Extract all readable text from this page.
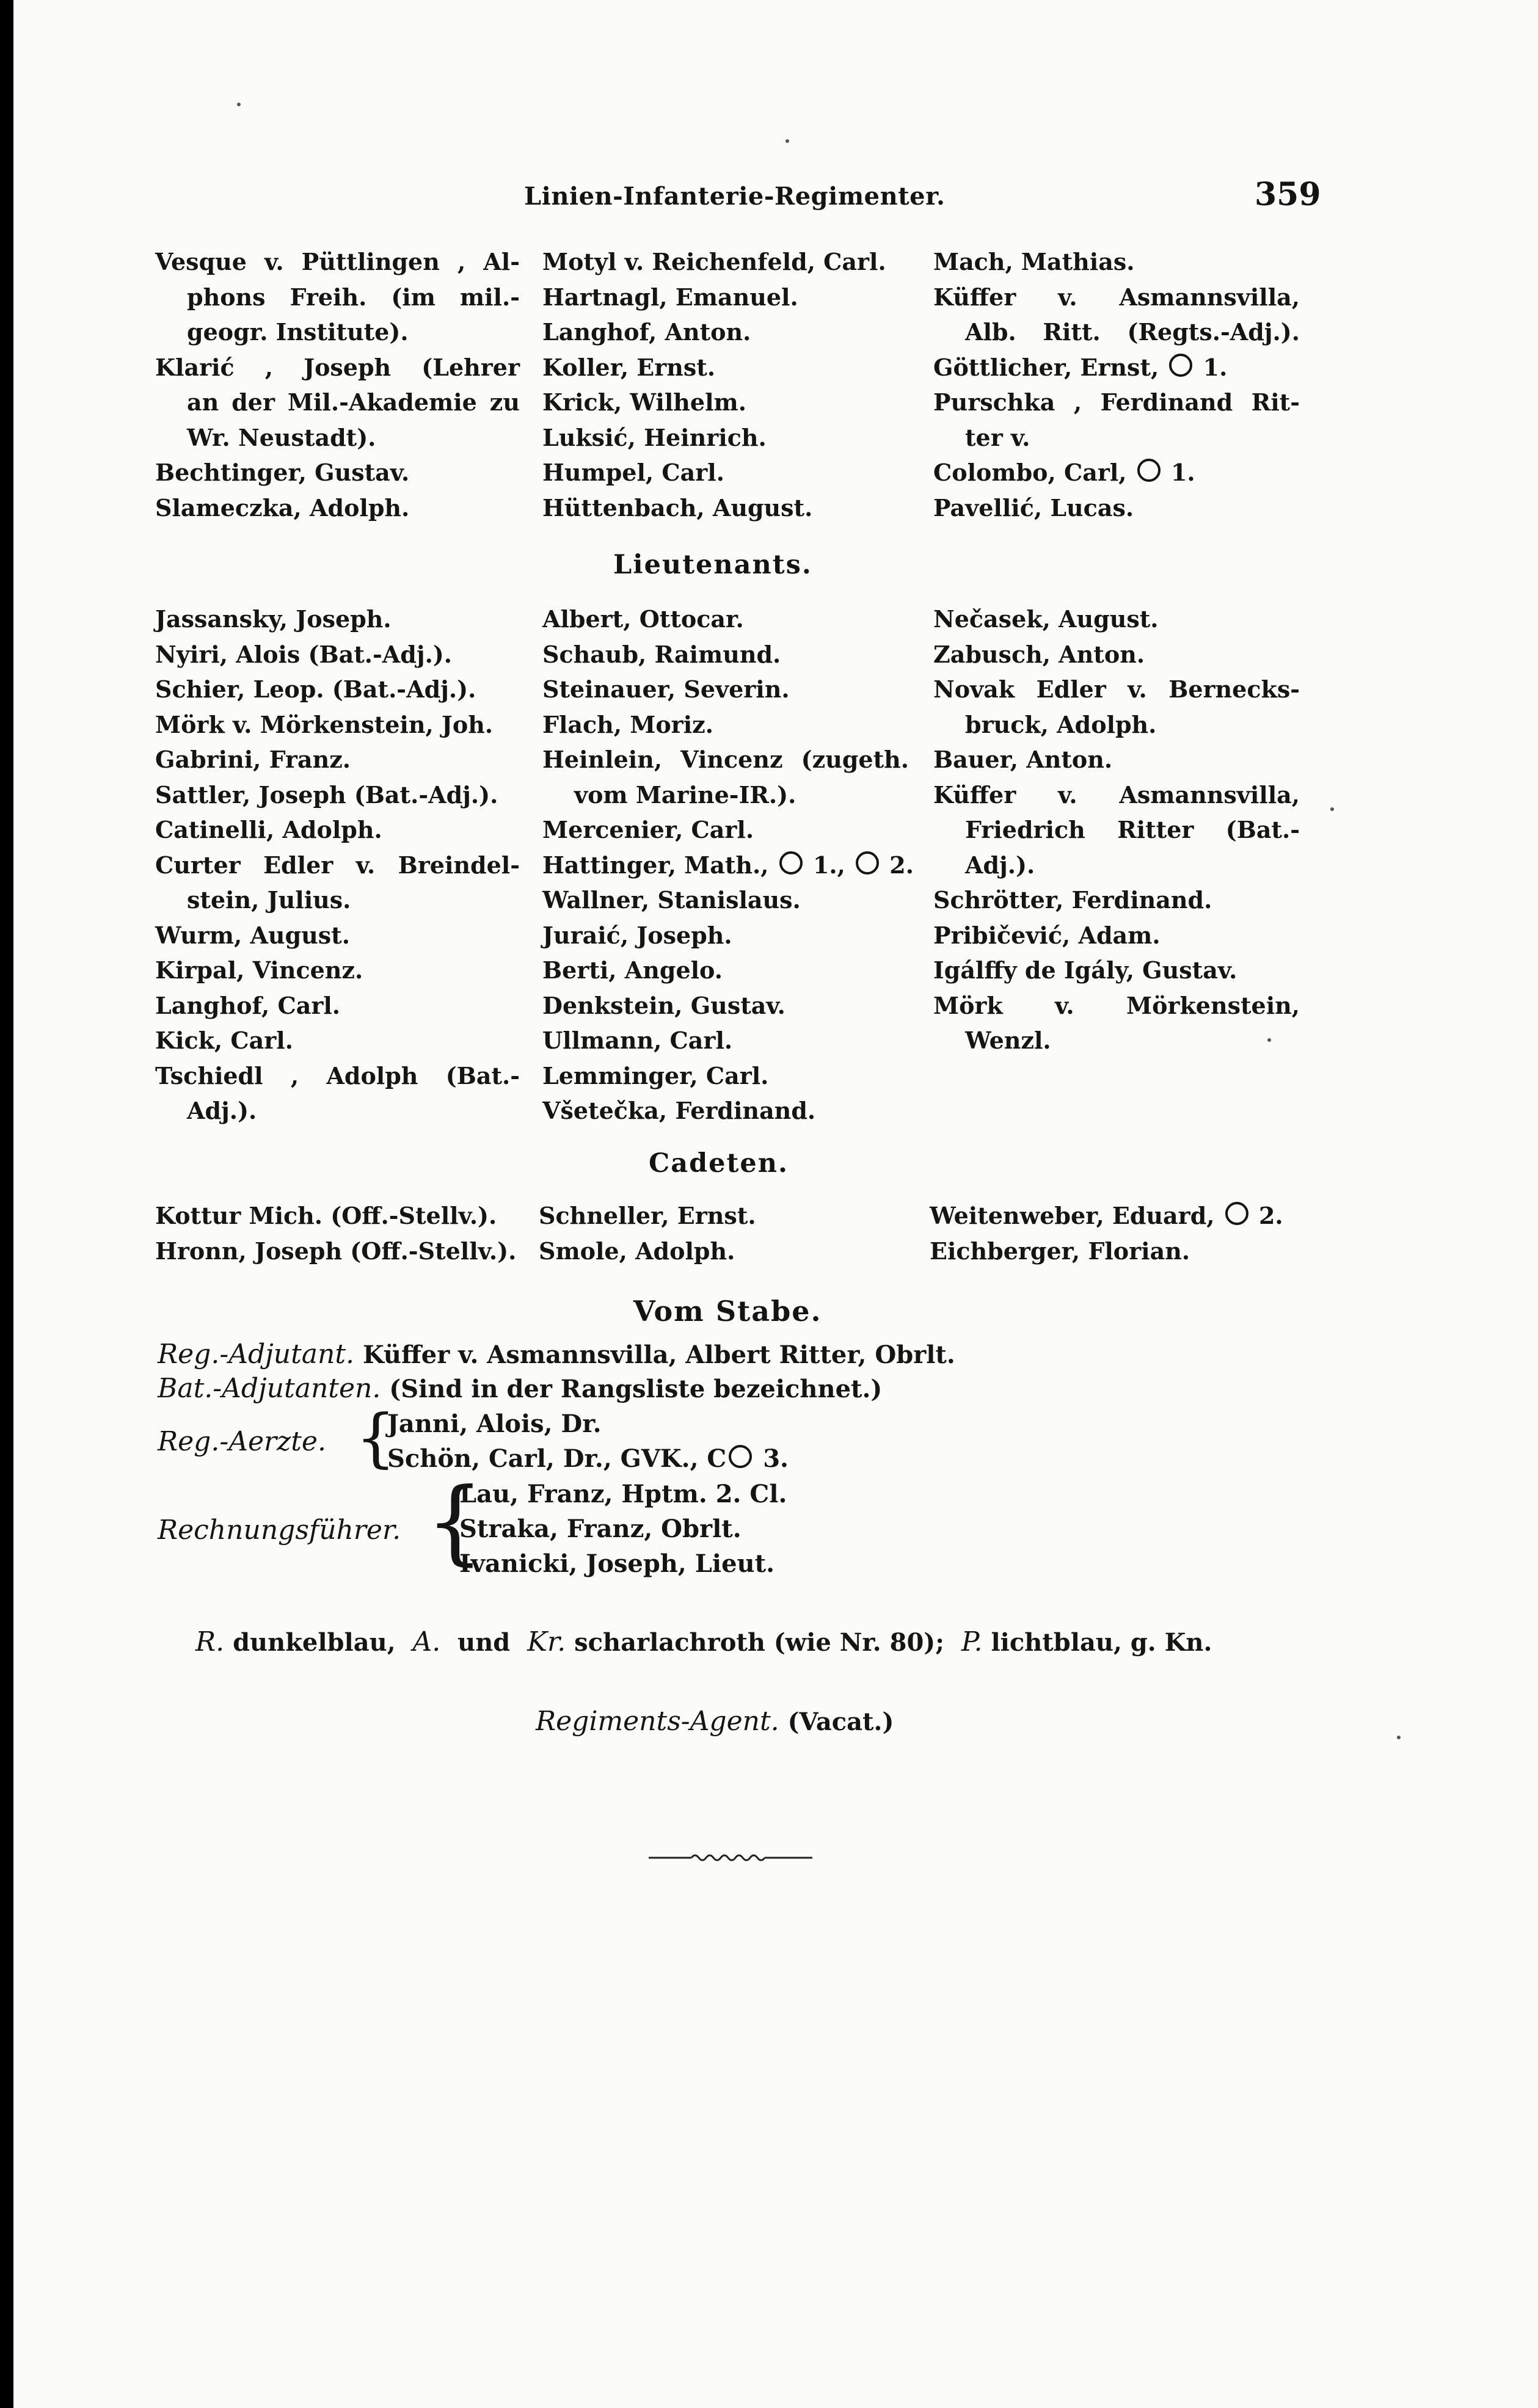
Linien-Infanterie-Regimenter.	359
Vesque v. Püttlingen , Al-
phons Freih. (im mil.-
geogr. Institute).
Klarić , Joseph (Lehrer
an der Mil.-Akademie zu
Wr. Neustadt).
Bechtinger, Gustav.
Slameczka, Adolph.
Motyl v. Reichenfeld, Carl.
Hartnagl, Emanuel.
Langhof, Anton.
Koller, Ernst.
Krick, Wilhelm.
Luksić, Heinrich.
Humpel, Carl.
Hüttenbach, August.
Mach, Mathias.
Küffer v. Asmannsvilla,
Alb. Ritt. (Regts.-Adj.).
Göttlicher, Ernst,  1.
Purschka , Ferdinand Rit-
ter v.
Colombo, Carl,  1.
Pavellić, Lucas.
Lieutenants.
Jassansky, Joseph.
Nyiri, Alois (Bat.-Adj.).
Schier, Leop. (Bat.-Adj.).
Mörk v. Mörkenstein, Joh.
Gabrini, Franz.
Sattler, Joseph (Bat.-Adj.).
Catinelli, Adolph.
Curter Edler v. Breindel-
stein, Julius.
Wurm, August.
Kirpal, Vincenz.
Langhof, Carl.
Kick, Carl.
Tschiedl , Adolph (Bat.-
Adj.).
Albert, Ottocar.
Schaub, Raimund.
Steinauer, Severin.
Flach, Moriz.
Heinlein, Vincenz (zugeth.
vom Marine-IR.).
Mercenier, Carl.
Hattinger, Math.,  1.,  2.
Wallner, Stanislaus.
Juraić, Joseph.
Berti, Angelo.
Denkstein, Gustav.
Ullmann, Carl.
Lemminger, Carl.
Všetečka, Ferdinand.
Nečasek, August.
Zabusch, Anton.
Novak Edler v. Bernecks-
bruck, Adolph.
Bauer, Anton.
Küffer v. Asmannsvilla,
Friedrich Ritter (Bat.-
Adj.).
Schrötter, Ferdinand.
Pribičević, Adam.
Igálffy de Igály, Gustav.
Mörk v. Mörkenstein,
Wenzl.
Cadeten.
Kottur Mich. (Off.-Stellv.).
Hronn, Joseph (Off.-Stellv.).
Schneller, Ernst.
Smole, Adolph.
Weitenweber, Eduard,  2.
Eichberger, Florian.
Vom Stabe.
Reg.-Adjutant. Küffer v. Asmannsvilla, Albert Ritter, Obrlt.
Bat.-Adjutanten. (Sind in der Rangsliste bezeichnet.)
Reg.-Aerzte. {
Janni, Alois, Dr.
Schön, Carl, Dr., GVK., C 3.
Rechnungsführer. {
Lau, Franz, Hptm. 2. Cl.
Straka, Franz, Obrlt.
Ivanicki, Joseph, Lieut.
R. dunkelblau, A. und Kr. scharlachroth (wie Nr. 80); P. lichtblau, g. Kn.
Regiments-Agent. (Vacat.)
